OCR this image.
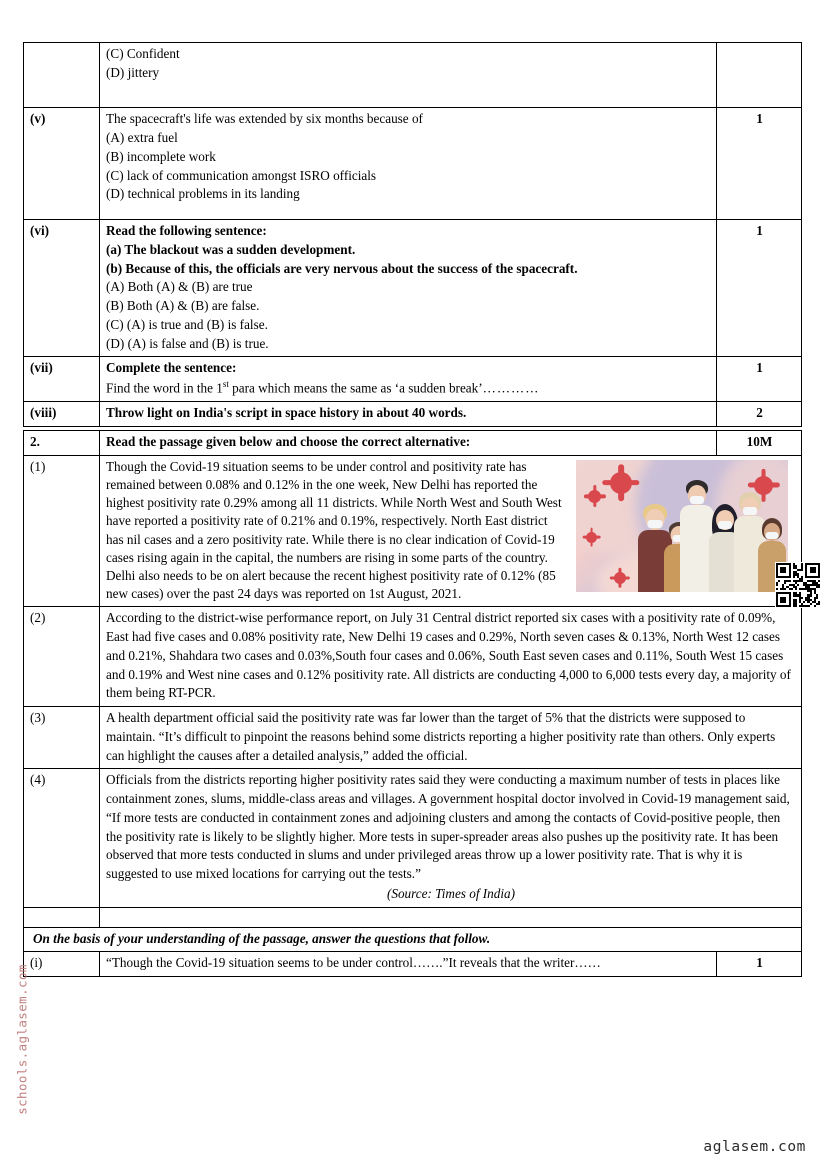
	(C) Confident
(D) jittery	

(v)	The spacecraft's life was extended by six months because of
(A) extra fuel
(B) incomplete work
(C) lack of communication amongst ISRO officials
(D) technical problems in its landing	1
(vi)	Read the following sentence:
(a) The blackout was a sudden development.
(b) Because of this, the officials are very nervous about the success of the spacecraft.
(A) Both (A) & (B) are true
(B) Both (A) & (B) are false.
(C) (A) is true and (B) is false.
(D) (A) is false and (B) is true.
	1
(vii)	Complete the sentence:
Find the word in the 1st para which means the same as ‘a sudden break’…………	1
(viii)	Throw light on India's script in space history in about 40 words.	2
2.	Read the passage given below and choose the correct alternative:	10M
(1)	Though the Covid-19 situation seems to be under control and positivity rate has remained between 0.08% and 0.12% in the one week, New Delhi has reported the highest positivity rate 0.29% among all 11 districts. While North West and South West have reported a positivity rate of 0.21% and 0.19%, respectively. North East district has nil cases and a zero positivity rate. While there is no clear indication of Covid-19 cases rising again in the capital, the numbers are rising in some parts of the country. Delhi also needs to be on alert because the recent highest positivity rate of 0.12% (85 new cases) over the past 24 days was reported on 1st August, 2021.	

(2)	According to the district-wise performance report, on July 31 Central district reported six cases with a positivity rate of 0.09%, East had five cases and 0.08% positivity rate, New Delhi 19 cases and 0.29%, North seven cases & 0.13%, North West 12 cases and 0.21%, Shahdara two cases and 0.03%,South four cases and 0.06%, South East seven cases and 0.11%, South West 15 cases and 0.19% and West nine cases and 0.12% positivity rate. All districts are conducting 4,000 to 6,000 tests every day, a majority of them being RT-PCR.	
(3)	A health department official said the positivity rate was far lower than the target of 5% that the districts were supposed to maintain. “It’s difficult to pinpoint the reasons behind some districts reporting a higher positivity rate than others. Only experts can highlight the causes after a detailed analysis,” added the official.	
(4)	Officials from the districts reporting higher positivity rates said they were conducting a maximum number of tests in places like containment zones, slums, middle-class areas and villages. A government hospital doctor involved in Covid-19 management said, “If more tests are conducted in containment zones and adjoining clusters and among the contacts of Covid-positive people, then the positivity rate is likely to be slightly higher. More tests in super-spreader areas also pushes up the positivity rate. It has been observed that more tests conducted in slums and under privileged areas throw up a lower positivity rate. That is why it is suggested to use mixed locations for carrying out the tests.”
(Source: Times of India)	

On the basis of your understanding of the passage, answer the questions that follow.		
(i)	“Though the Covid-19 situation seems to be under control…….”It reveals that the writer……	1
schools.aglasem.com
aglasem.com
